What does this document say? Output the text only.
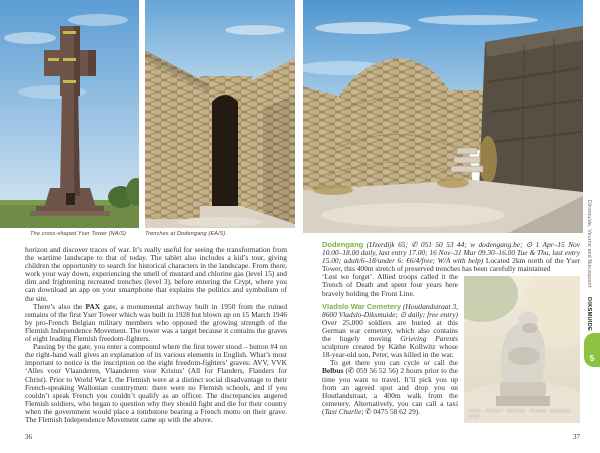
The cross-shaped Yser Tower (NA/S)	Trenches at Dodengang (EA/S)

horizon and discover traces of war. It’s really useful for seeing the transformation from the wartime landscape to that of today. The tablet also includes a kid’s tour, giving children the opportunity to search for historical characters in the landscape. From there, work your way down, experiencing the smell of mustard and chlorine gas (level 15) and dim and frightening recreated trenches (level 3), before entering the Crypt, where you can download an app on your smartphone that explains the politics and symbolism of the site.

There’s also the PAX gate, a monumental archway built in 1950 from the ruined remains of the first Yser Tower which was built in 1928 but blown up on 15 March 1946 by pro-French Belgian military members who opposed the growing strength of the Flemish Independence Movement. The tower was a target because it contains the graves of eight leading Flemish freedom-fighters.

Passing by the gate, you enter a compound where the first tower stood – button #4 on the right-hand wall gives an explanation of its various elements in English. What’s most important to notice is the inscription on the eight freedom-fighters’ graves: AVV, VVK ‘Alles voor Vlaanderen, Vlaanderen voor Kristus’ (All for Flanders, Flanders for Christ). Prior to World War I, the Flemish were at a distinct social disadvantage to their French-speaking Wallonian countrymen: there were no Flemish schools, and if you couldn’t speak French you couldn’t qualify as an officer. The discrepancies angered Flemish soldiers, who began to question why they should fight and die for their country when the government would place a tombstone bearing a French motto on their grave. The Flemish Independence Movement came up with the above.

36

Dodengang (IJzerdijk 65; ✆ 051 50 53 44; w dodengang.be; ⊙ 1 Apr–15 Nov 10.00–18.00 daily, last entry 17.00; 16 Nov–31 Mar 09.30–16.00 Tue & Thu, last entry 15.00; adult/6–18/under 6: €6/4/free; W/A with help) Located 2km north of the Yser Tower, this 400m stretch of preserved trenches has been carefully maintained

Käthe Kollwitz’ Grieving Parents sculpture (A/S)

‘Lest we forget’. Allied troops called it the Trench of Death and spent four years here bravely holding the Front Line.

Vladslo War Cemetery (Houtlandstraat 3, 8600 Vladslo-Diksmuide; ⊙ daily; free entry) Over 25,000 soldiers are buried at this German war cemetery, which also contains the hugely moving Grieving Parents sculpture created by Käthe Kollwitz whose 18-year-old son, Peter, was killed in the war.

To get there you can cycle or call the Belbus (✆ 059 56 52 56) 2 hours prior to the time you want to travel. It’ll pick you up from an agreed spot and drop you on Houtlandstraat, a 400m walk from the cemetery. Alternatively, you can call a taxi (Taxi Charlie; ✆ 0475 58 62 29).

37
Diksmuide, Veurne and NieuwpoortDIKSMUIDE
5
